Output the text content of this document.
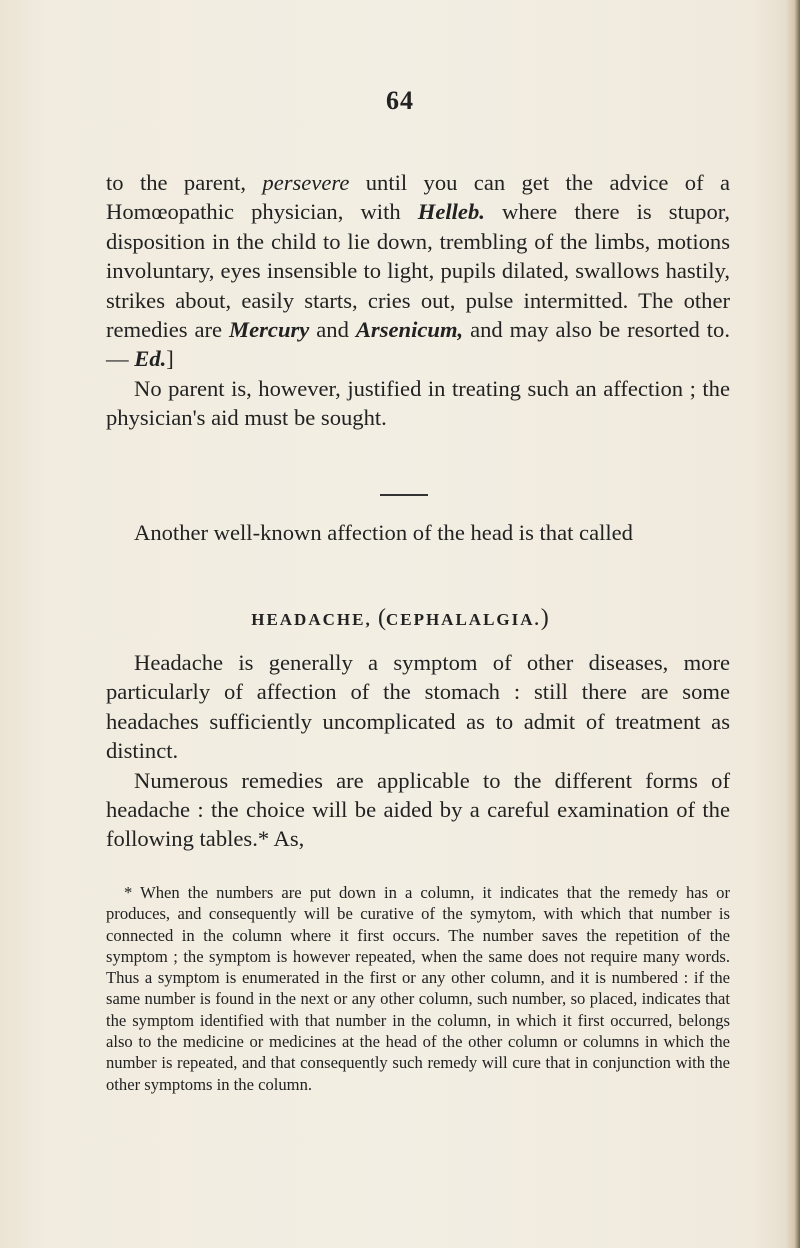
64

to the parent, persevere until you can get the advice of a Homœopathic physician, with Helleb. where there is stupor, disposition in the child to lie down, trembling of the limbs, motions involuntary, eyes insensible to light, pupils dilated, swallows hastily, strikes about, easily starts, cries out, pulse intermitted. The other remedies are Mercury and Arsenicum, and may also be resorted to. — Ed.]

No parent is, however, justified in treating such an affection ; the physician's aid must be sought.

Another well-known affection of the head is that called

HEADACHE, (CEPHALALGIA.)

Headache is generally a symptom of other diseases, more particularly of affection of the stomach : still there are some headaches sufficiently uncomplicated as to admit of treatment as distinct.

Numerous remedies are applicable to the different forms of headache : the choice will be aided by a careful examination of the following tables.* As,

* When the numbers are put down in a column, it indicates that the remedy has or produces, and consequently will be curative of the symytom, with which that number is connected in the column where it first occurs. The number saves the repetition of the symptom ; the symptom is however repeated, when the same does not require many words. Thus a symptom is enumerated in the first or any other column, and it is numbered : if the same number is found in the next or any other column, such number, so placed, indicates that the symptom identified with that number in the column, in which it first occurred, belongs also to the medicine or medicines at the head of the other column or columns in which the number is repeated, and that consequently such remedy will cure that in conjunction with the other symptoms in the column.
